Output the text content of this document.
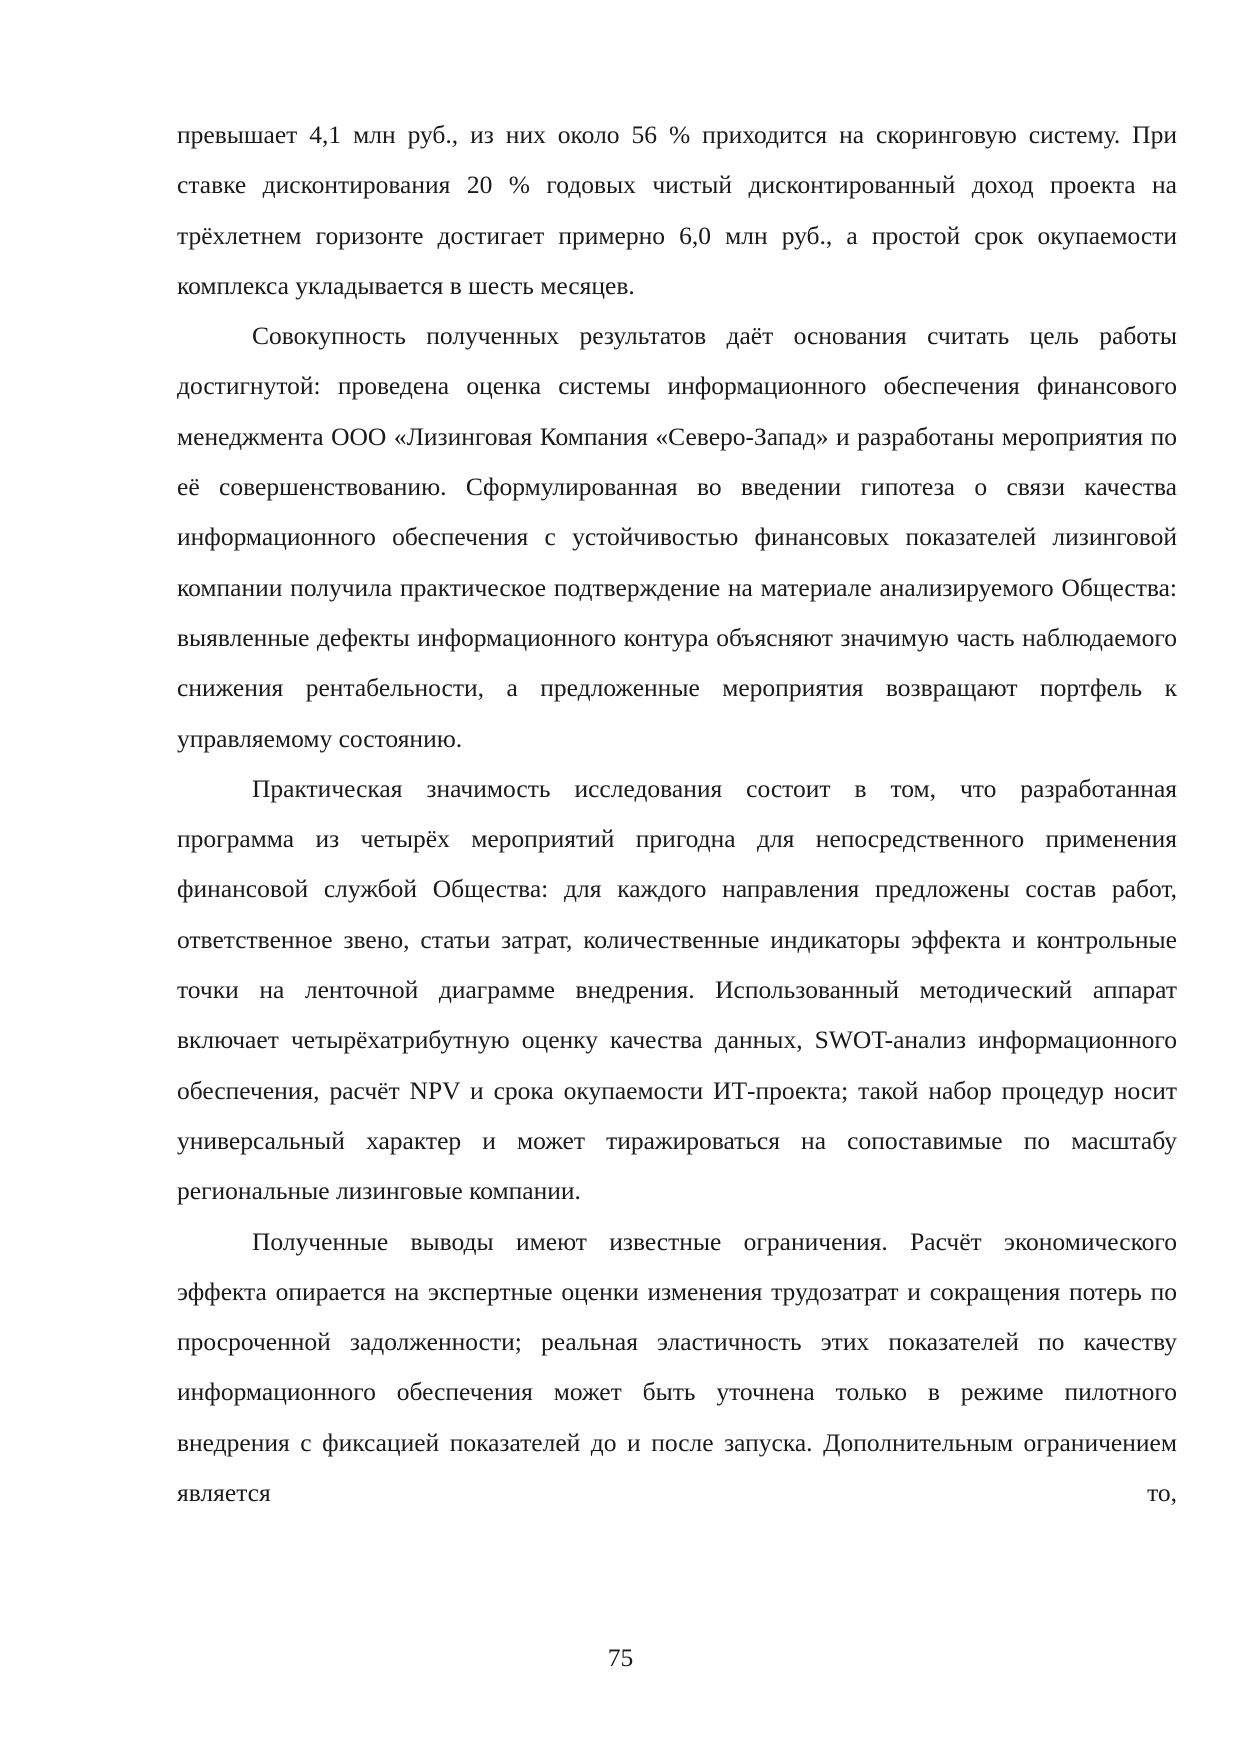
превышает 4,1 млн руб., из них около 56 % приходится на скоринговую систему. При ставке дисконтирования 20 % годовых чистый дисконтированный доход проекта на трёхлетнем горизонте достигает примерно 6,0 млн руб., а простой срок окупаемости комплекса укладывается в шесть месяцев.

Совокупность полученных результатов даёт основания считать цель работы достигнутой: проведена оценка системы информационного обеспечения финансового менеджмента ООО «Лизинговая Компания «Северо-Запад» и разработаны мероприятия по её совершенствованию. Сформулированная во введении гипотеза о связи качества информационного обеспечения с устойчивостью финансовых показателей лизинговой компании получила практическое подтверждение на материале анализируемого Общества: выявленные дефекты информационного контура объясняют значимую часть наблюдаемого снижения рентабельности, а предложенные мероприятия возвращают портфель к управляемому состоянию.

Практическая значимость исследования состоит в том, что разработанная программа из четырёх мероприятий пригодна для непосредственного применения финансовой службой Общества: для каждого направления предложены состав работ, ответственное звено, статьи затрат, количественные индикаторы эффекта и контрольные точки на ленточной диаграмме внедрения. Использованный методический аппарат включает четырёхатрибутную оценку качества данных, SWOT-анализ информационного обеспечения, расчёт NPV и срока окупаемости ИТ-проекта; такой набор процедур носит универсальный характер и может тиражироваться на сопоставимые по масштабу региональные лизинговые компании.

Полученные выводы имеют известные ограничения. Расчёт экономического эффекта опирается на экспертные оценки изменения трудозатрат и сокращения потерь по просроченной задолженности; реальная эластичность этих показателей по качеству информационного обеспечения может быть уточнена только в режиме пилотного внедрения с фиксацией показателей до и после запуска. Дополнительным ограничением является то,

75
